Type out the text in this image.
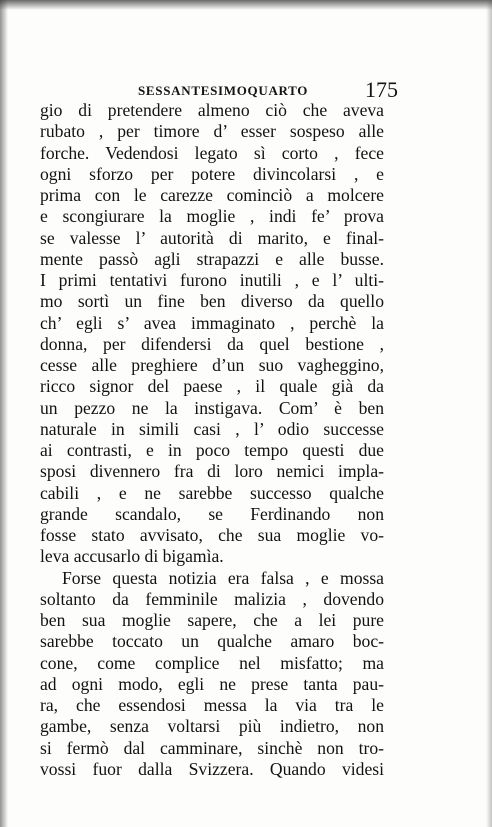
SESSANTESIMOQUARTO	175
gio di pretendere almeno ciò che aveva
rubato , per timore d’ esser sospeso alle
forche. Vedendosi legato sì corto , fece
ogni sforzo per potere divincolarsi , e
prima con le carezze cominciò a molcere
e scongiurare la moglie , indi fe’ prova
se valesse l’ autorità di marito, e final-
mente passò agli strapazzi e alle busse.
I primi tentativi furono inutili , e l’ ulti-
mo sortì un fine ben diverso da quello
ch’ egli s’ avea immaginato , perchè la
donna, per difendersi da quel bestione ,
cesse alle preghiere d’un suo vagheggino,
ricco signor del paese , il quale già da
un pezzo ne la instigava. Com’ è ben
naturale in simili casi , l’ odio successe
ai contrasti, e in poco tempo questi due
sposi divennero fra di loro nemici impla-
cabili , e ne sarebbe successo qualche
grande scandalo, se Ferdinando non
fosse stato avvisato, che sua moglie vo-
leva accusarlo di bigamìa.
Forse questa notizia era falsa , e mossa
soltanto da femminile malizia , dovendo
ben sua moglie sapere, che a lei pure
sarebbe toccato un qualche amaro boc-
cone, come complice nel misfatto; ma
ad ogni modo, egli ne prese tanta pau-
ra, che essendosi messa la via tra le
gambe, senza voltarsi più indietro, non
si fermò dal camminare, sinchè non tro-
vossi fuor dalla Svizzera. Quando videsi
